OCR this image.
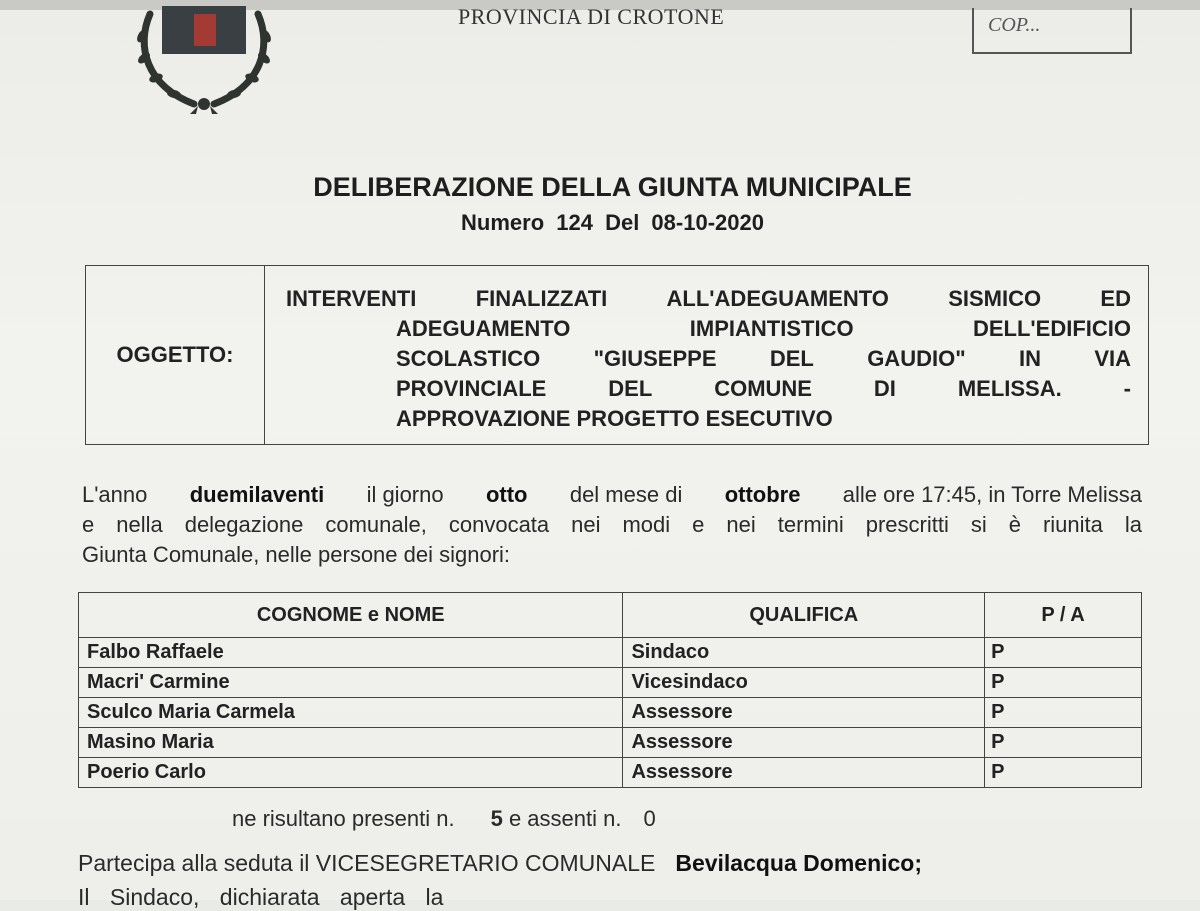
PROVINCIA DI CROTONE	COP...
DELIBERAZIONE DELLA GIUNTA MUNICIPALE
Numero 124 Del 08-10-2020
OGGETTO:
INTERVENTI	FINALIZZATI	ALL'ADEGUAMENTO	SISMICO	ED
ADEGUAMENTO	IMPIANTISTICO	DELL'EDIFICIO
SCOLASTICO "GIUSEPPE DEL GAUDIO" IN VIA
PROVINCIALE	DEL	COMUNE	DI	MELISSA.	-
APPROVAZIONE PROGETTO ESECUTIVO
L'anno duemilaventi il giorno otto del mese di ottobre alle ore 17:45, in Torre Melissa
e nella delegazione comunale, convocata nei modi e nei termini prescritti si è riunita la
Giunta Comunale, nelle persone dei signori:
COGNOME e NOME	QUALIFICA	P / A
Falbo Raffaele	Sindaco	P
Macri' Carmine	Vicesindaco	P
Sculco Maria Carmela	Assessore	P
Masino Maria	Assessore	P
Poerio Carlo	Assessore	P
ne risultano presenti n. 5 e assenti n. 0
Partecipa alla seduta il VICESEGRETARIO COMUNALE Bevilacqua Domenico;
Il Sindaco, dichiarata aperta la
